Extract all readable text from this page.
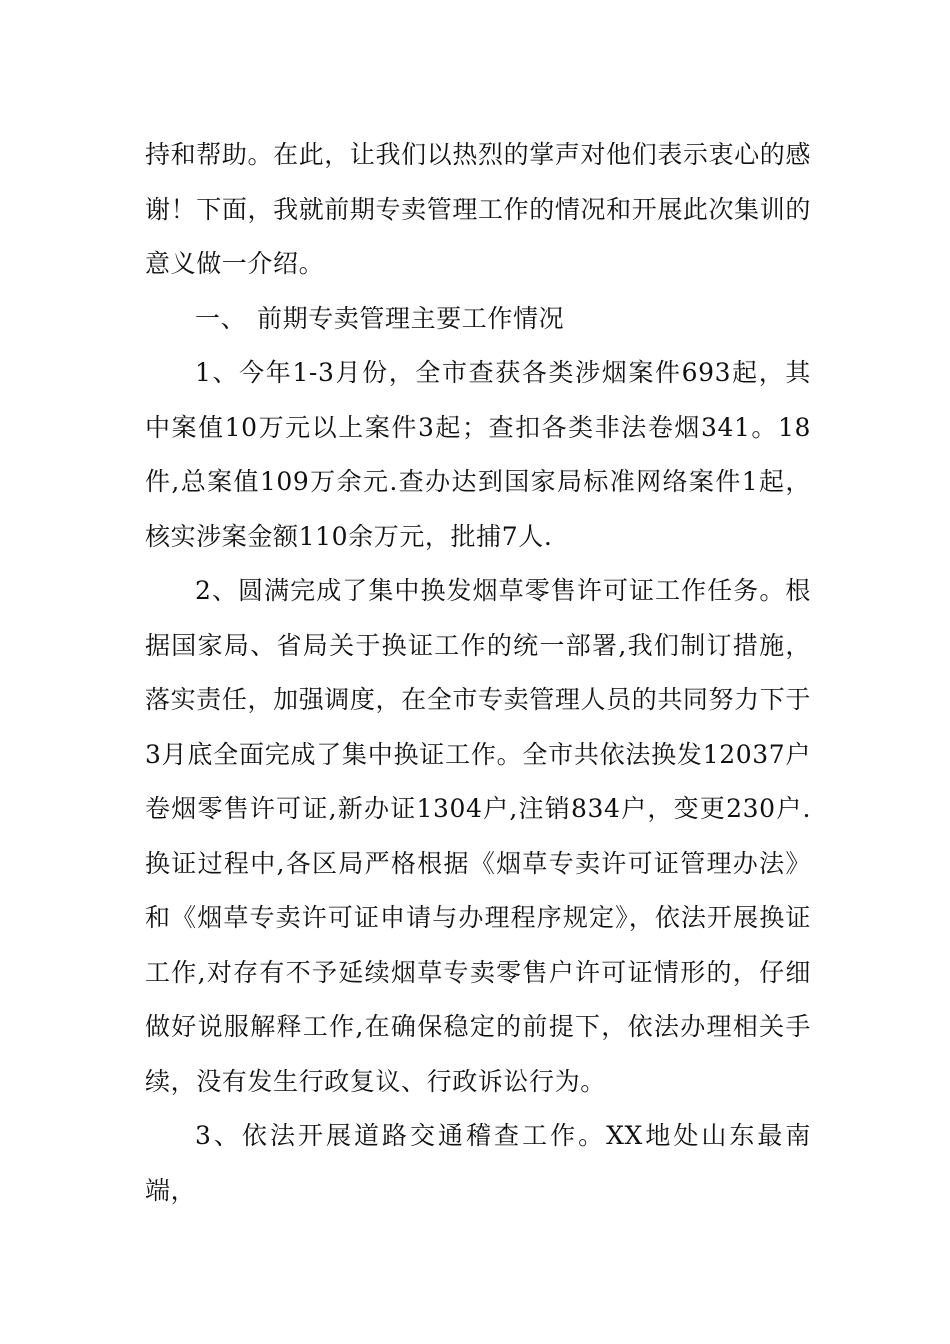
持和帮助。在此，让我们以热烈的掌声对他们表示衷心的感谢！下面，我就前期专卖管理工作的情况和开展此次集训的意义做一介绍。

一、 前期专卖管理主要工作情况

1、今年1-3月份，全市查获各类涉烟案件693起，其中案值10万元以上案件3起；查扣各类非法卷烟341。18件,总案值109万余元.查办达到国家局标准网络案件1起，核实涉案金额110余万元，批捕7人.

2、圆满完成了集中换发烟草零售许可证工作任务。根据国家局、省局关于换证工作的统一部署,我们制订措施，落实责任，加强调度，在全市专卖管理人员的共同努力下于3月底全面完成了集中换证工作。全市共依法换发12037户卷烟零售许可证,新办证1304户,注销834户，变更230户.换证过程中,各区局严格根据《烟草专卖许可证管理办法》和《烟草专卖许可证申请与办理程序规定》，依法开展换证工作,对存有不予延续烟草专卖零售户许可证情形的，仔细做好说服解释工作,在确保稳定的前提下，依法办理相关手续，没有发生行政复议、行政诉讼行为。

3、依法开展道路交通稽查工作。XX地处山东最南端，
